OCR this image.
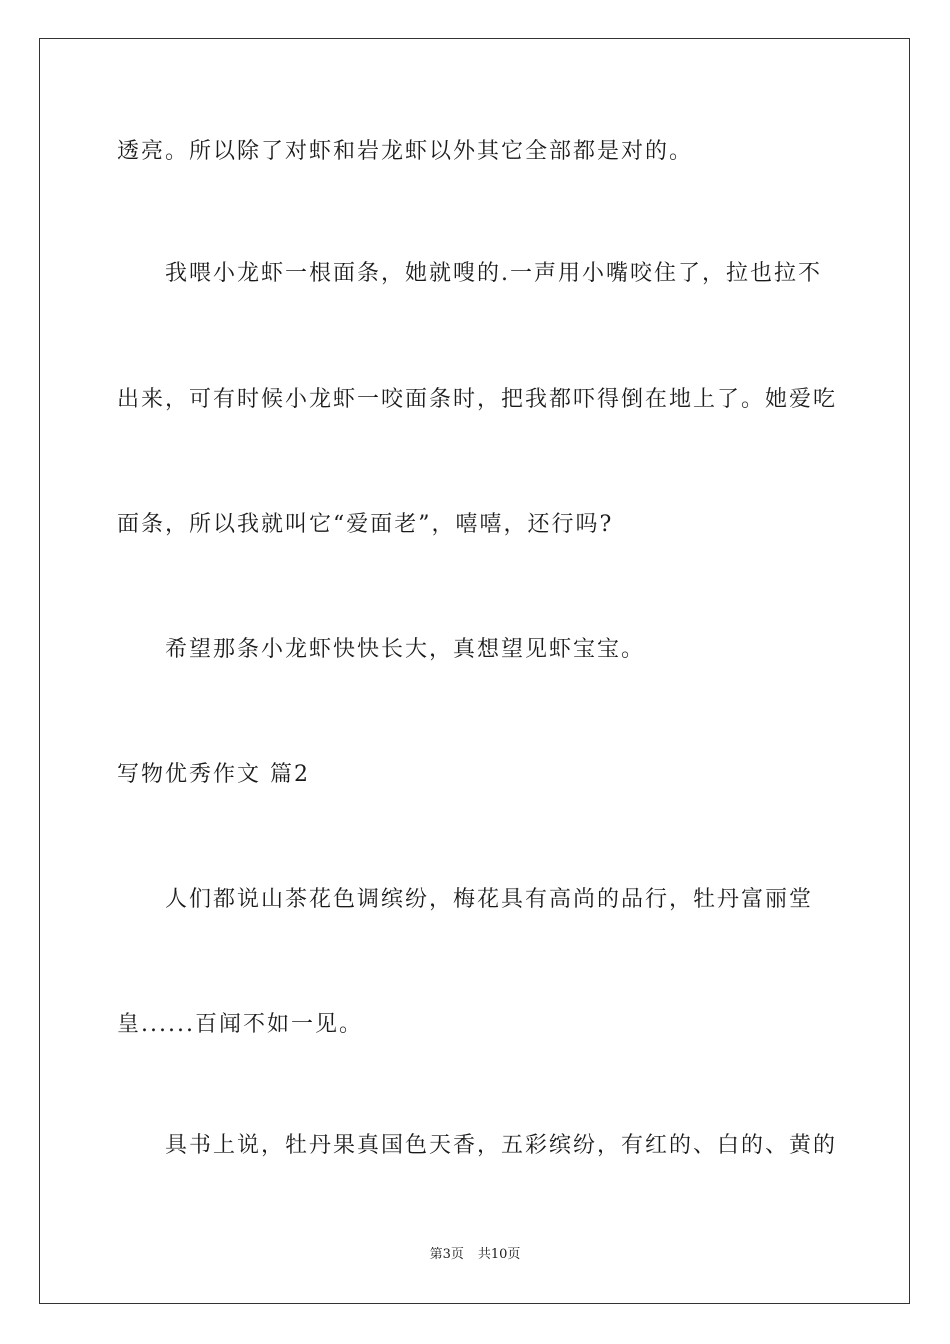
透亮。所以除了对虾和岩龙虾以外其它全部都是对的。
我喂小龙虾一根面条，她就嗖的.一声用小嘴咬住了，拉也拉不
出来，可有时候小龙虾一咬面条时，把我都吓得倒在地上了。她爱吃
面条，所以我就叫它“爱面老”，嘻嘻，还行吗?
希望那条小龙虾快快长大，真想望见虾宝宝。
写物优秀作文 篇2
人们都说山茶花色调缤纷，梅花具有高尚的品行，牡丹富丽堂
皇......百闻不如一见。
具书上说，牡丹果真国色天香，五彩缤纷，有红的、白的、黄的
第3页 共10页
